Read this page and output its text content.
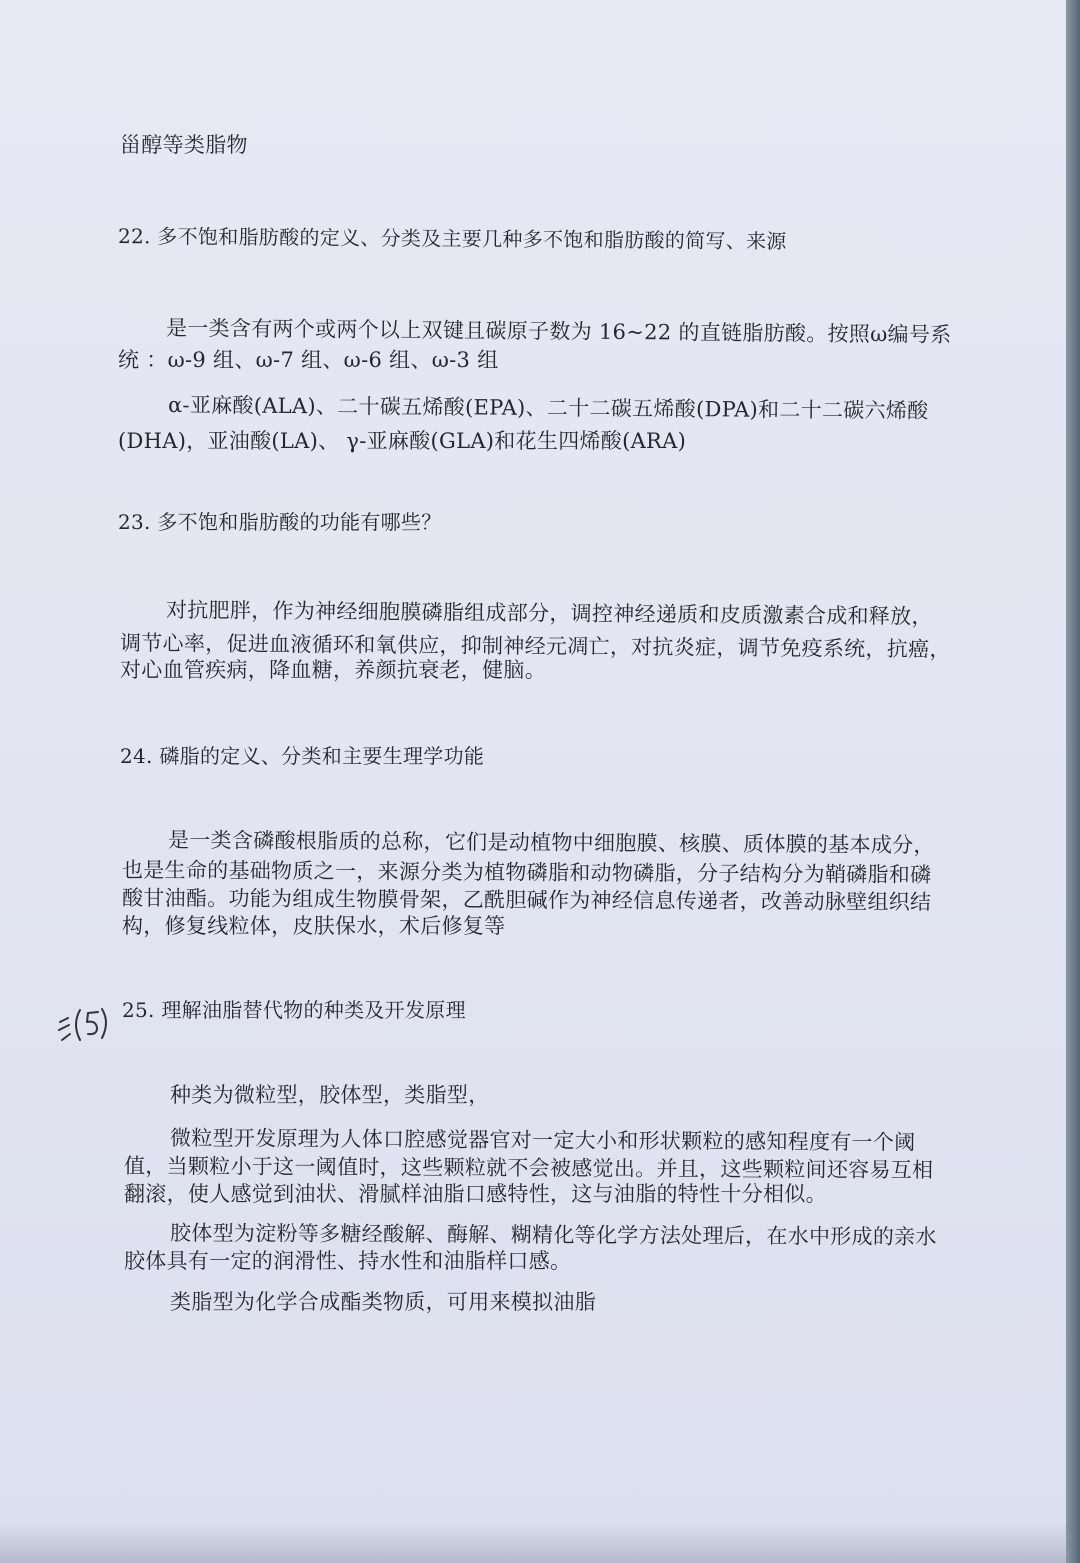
甾醇等类脂物
22. 多不饱和脂肪酸的定义、分类及主要几种多不饱和脂肪酸的简写、来源
是一类含有两个或两个以上双键且碳原子数为 16~22 的直链脂肪酸。按照ω编号系
统 ：ω-9 组、ω-7 组、ω-6 组、ω-3 组
α-亚麻酸(ALA)、二十碳五烯酸(EPA)、二十二碳五烯酸(DPA)和二十二碳六烯酸
(DHA)，亚油酸(LA)、 γ-亚麻酸(GLA)和花生四烯酸(ARA)
23. 多不饱和脂肪酸的功能有哪些？
对抗肥胖，作为神经细胞膜磷脂组成部分，调控神经递质和皮质激素合成和释放，
调节心率，促进血液循环和氧供应，抑制神经元凋亡，对抗炎症，调节免疫系统，抗癌，
对心血管疾病，降血糖，养颜抗衰老，健脑。
24. 磷脂的定义、分类和主要生理学功能
是一类含磷酸根脂质的总称，它们是动植物中细胞膜、核膜、质体膜的基本成分，
也是生命的基础物质之一，来源分类为植物磷脂和动物磷脂，分子结构分为鞘磷脂和磷
酸甘油酯。功能为组成生物膜骨架，乙酰胆碱作为神经信息传递者，改善动脉壁组织结
构，修复线粒体，皮肤保水，术后修复等
25. 理解油脂替代物的种类及开发原理
种类为微粒型，胶体型，类脂型，
微粒型开发原理为人体口腔感觉器官对一定大小和形状颗粒的感知程度有一个阈
值，当颗粒小于这一阈值时，这些颗粒就不会被感觉出。并且，这些颗粒间还容易互相
翻滚，使人感觉到油状、滑腻样油脂口感特性，这与油脂的特性十分相似。
胶体型为淀粉等多糖经酸解、酶解、糊精化等化学方法处理后，在水中形成的亲水
胶体具有一定的润滑性、持水性和油脂样口感。
类脂型为化学合成酯类物质，可用来模拟油脂
